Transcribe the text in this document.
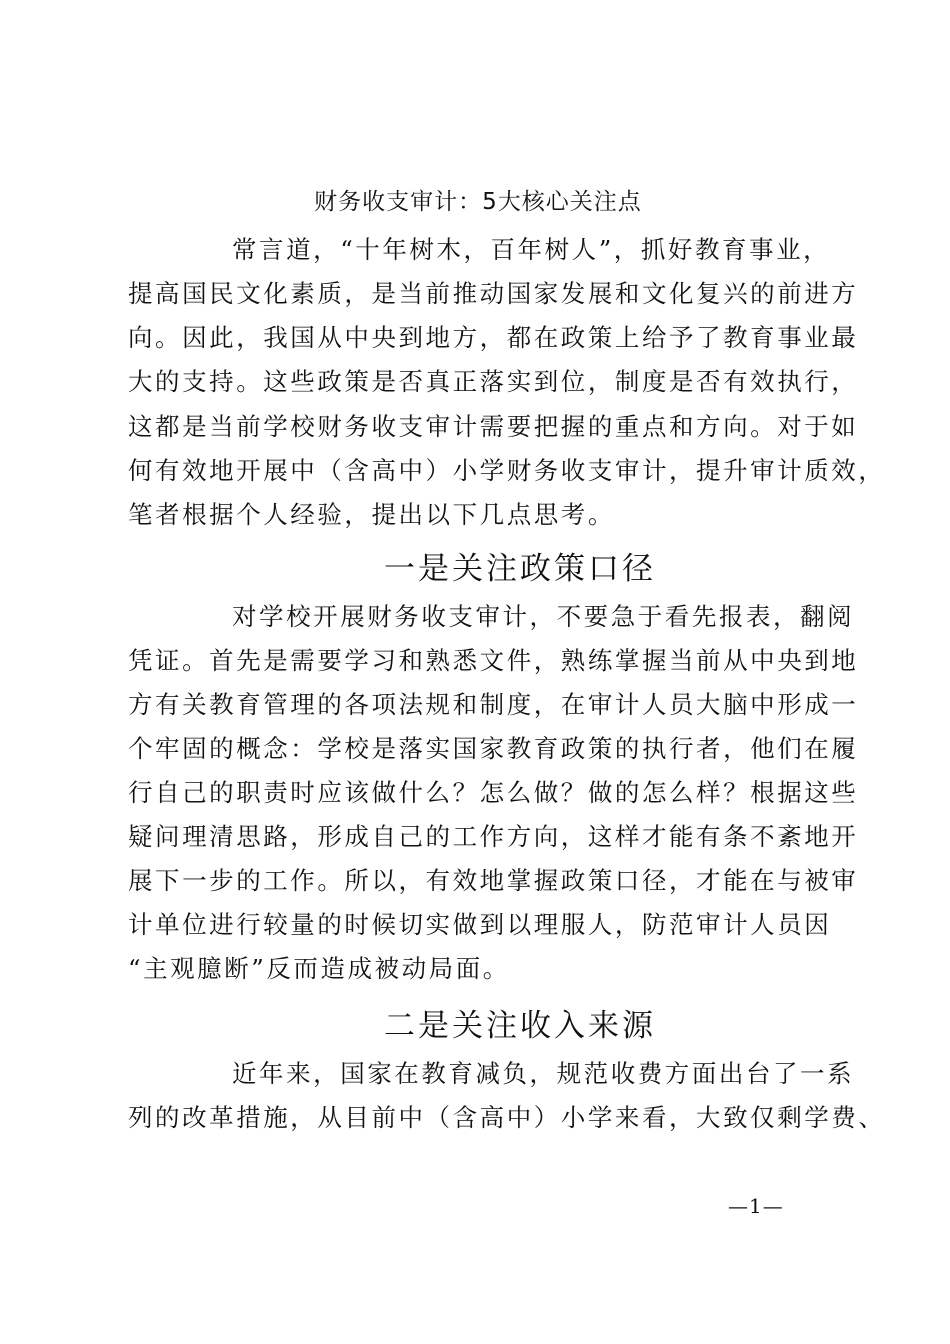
财务收支审计：5大核心关注点
常言道，“十年树木，百年树人”，抓好教育事业，
提高国民文化素质，是当前推动国家发展和文化复兴的前进方
向。因此，我国从中央到地方，都在政策上给予了教育事业最
大的支持。这些政策是否真正落实到位，制度是否有效执行，
这都是当前学校财务收支审计需要把握的重点和方向。对于如
何有效地开展中（含高中）小学财务收支审计，提升审计质效，
笔者根据个人经验，提出以下几点思考。
一是关注政策口径
对学校开展财务收支审计，不要急于看先报表，翻阅
凭证。首先是需要学习和熟悉文件，熟练掌握当前从中央到地
方有关教育管理的各项法规和制度，在审计人员大脑中形成一
个牢固的概念：学校是落实国家教育政策的执行者，他们在履
行自己的职责时应该做什么？怎么做？做的怎么样？根据这些
疑问理清思路，形成自己的工作方向，这样才能有条不紊地开
展下一步的工作。所以，有效地掌握政策口径，才能在与被审
计单位进行较量的时候切实做到以理服人，防范审计人员因
“主观臆断”反而造成被动局面。
二是关注收入来源
近年来，国家在教育减负，规范收费方面出台了一系
列的改革措施，从目前中（含高中）小学来看，大致仅剩学费、
—1—
